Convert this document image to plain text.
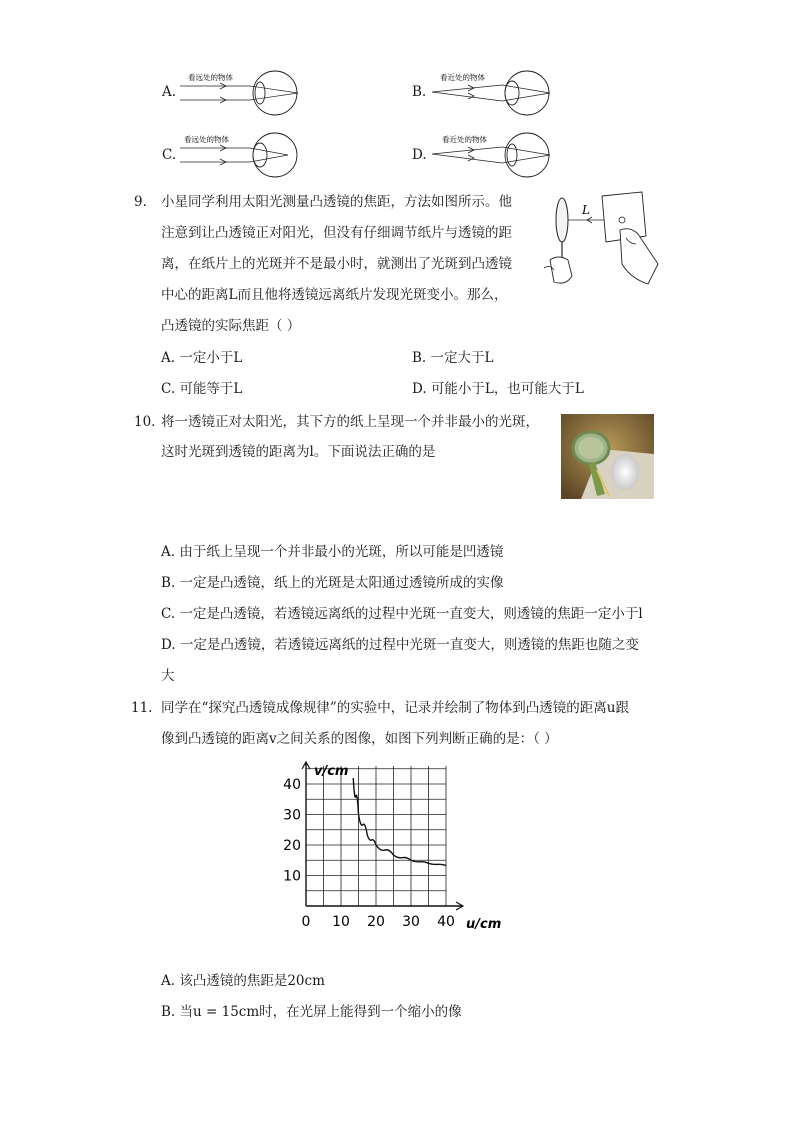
A.
看远处的物体
B.
看近处的物体
C.
看远处的物体
D.
看近处的物体
9. 小星同学利用太阳光测量凸透镜的焦距，方法如图所示。他
注意到让凸透镜正对阳光，但没有仔细调节纸片与透镜的距
离，在纸片上的光斑并不是最小时，就测出了光斑到凸透镜
中心的距离L而且他将透镜远离纸片发现光斑变小。那么，
凸透镜的实际焦距（ ）
L
A. 一定小于L	B. 一定大于L
C. 可能等于L	D. 可能小于L，也可能大于L
10. 将一透镜正对太阳光，其下方的纸上呈现一个并非最小的光斑，
这时光斑到透镜的距离为l。下面说法正确的是
A. 由于纸上呈现一个并非最小的光斑，所以可能是凹透镜
B. 一定是凸透镜，纸上的光斑是太阳通过透镜所成的实像
C. 一定是凸透镜，若透镜远离纸的过程中光斑一直变大，则透镜的焦距一定小于l
D. 一定是凸透镜，若透镜远离纸的过程中光斑一直变大，则透镜的焦距也随之变
大
11. 同学在“探究凸透镜成像规律”的实验中，记录并绘制了物体到凸透镜的距离u跟
像到凸透镜的距离v之间关系的图像，如图下列判断正确的是：（ ）
0 10 20 30 40
10
20
30
40
v/cm
u/cm
A. 该凸透镜的焦距是20cm
B. 当u = 15cm时，在光屏上能得到一个缩小的像
